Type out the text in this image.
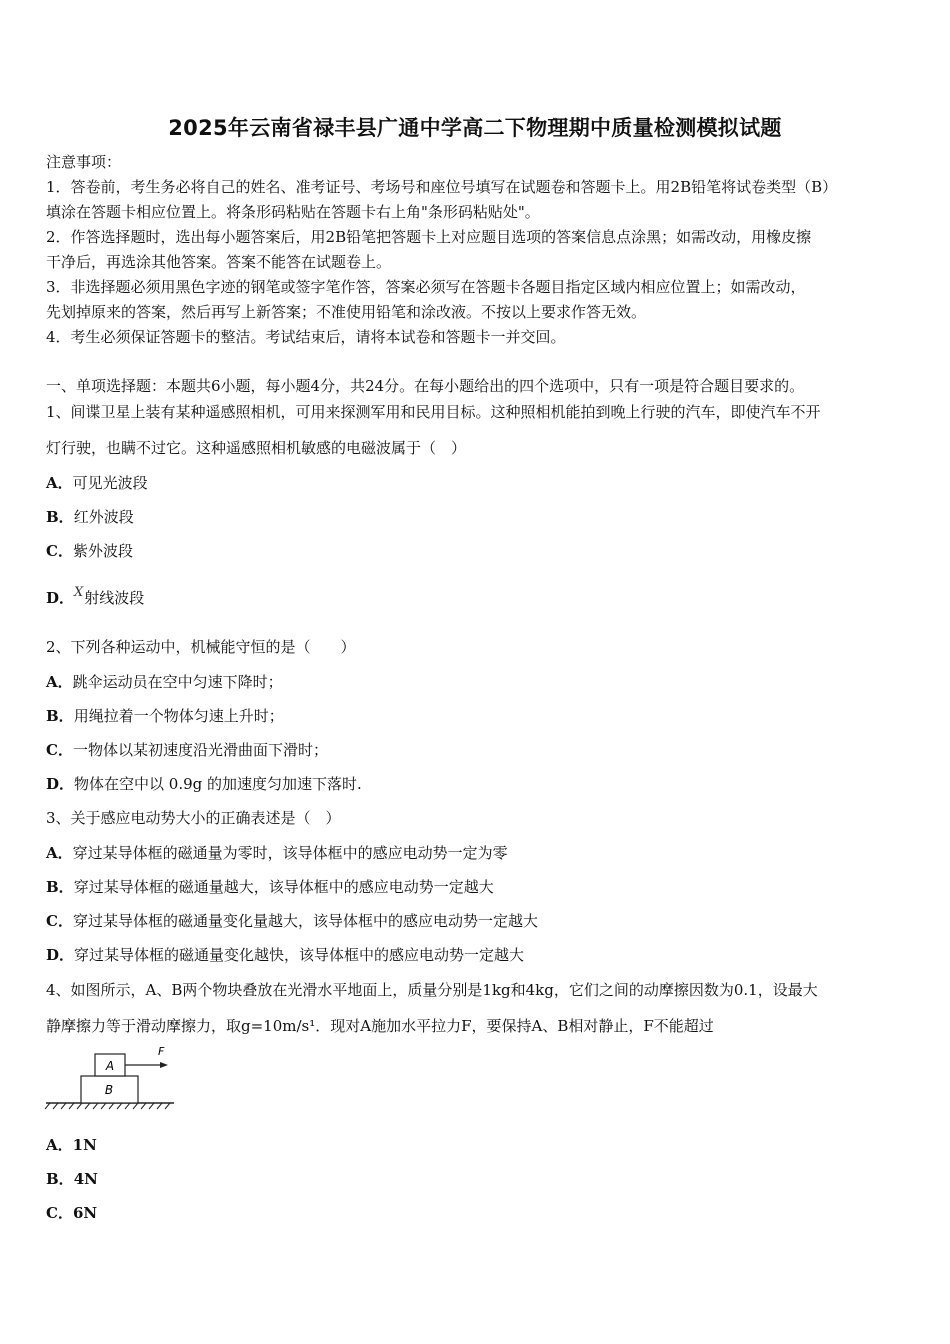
2025年云南省禄丰县广通中学高二下物理期中质量检测模拟试题
注意事项：
1．答卷前，考生务必将自己的姓名、准考证号、考场号和座位号填写在试题卷和答题卡上。用2B铅笔将试卷类型（B）
填涂在答题卡相应位置上。将条形码粘贴在答题卡右上角"条形码粘贴处"。
2．作答选择题时，选出每小题答案后，用2B铅笔把答题卡上对应题目选项的答案信息点涂黑；如需改动，用橡皮擦
干净后，再选涂其他答案。答案不能答在试题卷上。
3．非选择题必须用黑色字迹的钢笔或签字笔作答，答案必须写在答题卡各题目指定区域内相应位置上；如需改动，
先划掉原来的答案，然后再写上新答案；不准使用铅笔和涂改液。不按以上要求作答无效。
4．考生必须保证答题卡的整洁。考试结束后，请将本试卷和答题卡一并交回。
一、单项选择题：本题共6小题，每小题4分，共24分。在每小题给出的四个选项中，只有一项是符合题目要求的。
1、间谍卫星上装有某种遥感照相机，可用来探测军用和民用目标。这种照相机能拍到晚上行驶的汽车，即使汽车不开
灯行驶，也瞒不过它。这种遥感照相机敏感的电磁波属于（　）
A．可见光波段
B．红外波段
C．紫外波段
D．X射线波段
2、下列各种运动中，机械能守恒的是（　　）
A．跳伞运动员在空中匀速下降时；
B．用绳拉着一个物体匀速上升时；
C．一物体以某初速度沿光滑曲面下滑时；
D．物体在空中以 0.9g 的加速度匀加速下落时.
3、关于感应电动势大小的正确表述是（　）
A．穿过某导体框的磁通量为零时，该导体框中的感应电动势一定为零
B．穿过某导体框的磁通量越大，该导体框中的感应电动势一定越大
C．穿过某导体框的磁通量变化量越大，该导体框中的感应电动势一定越大
D．穿过某导体框的磁通量变化越快，该导体框中的感应电动势一定越大
4、如图所示，A、B两个物块叠放在光滑水平地面上，质量分别是1kg和4kg，它们之间的动摩擦因数为0.1，设最大
静摩擦力等于滑动摩擦力，取g=10m/s¹．现对A施加水平拉力F，要保持A、B相对静止，F不能超过
A
B
F
A．1N
B．4N
C．6N
